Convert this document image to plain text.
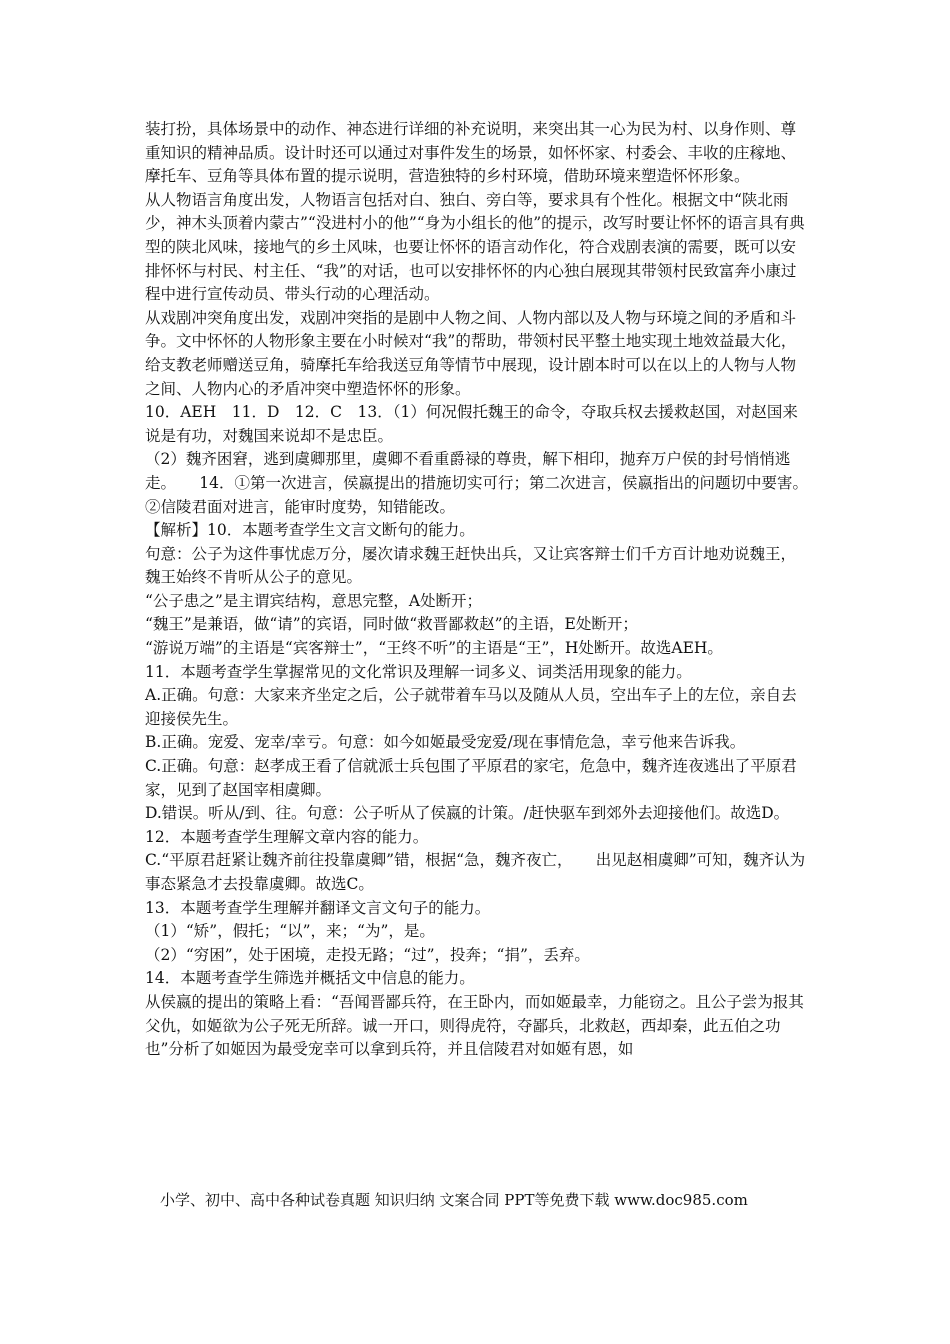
装打扮，具体场景中的动作、神态进行详细的补充说明，来突出其一心为民为村、以身作则、尊重知识的精神品质。设计时还可以通过对事件发生的场景，如怀怀家、村委会、丰收的庄稼地、摩托车、豆角等具体布置的提示说明，营造独特的乡村环境，借助环境来塑造怀怀形象。

从人物语言角度出发，人物语言包括对白、独白、旁白等，要求具有个性化。根据文中“陕北雨少，神木头顶着内蒙古”“没进村小的他”“身为小组长的他”的提示，改写时要让怀怀的语言具有典型的陕北风味，接地气的乡土风味，也要让怀怀的语言动作化，符合戏剧表演的需要，既可以安排怀怀与村民、村主任、“我”的对话，也可以安排怀怀的内心独白展现其带领村民致富奔小康过程中进行宣传动员、带头行动的心理活动。

从戏剧冲突角度出发，戏剧冲突指的是剧中人物之间、人物内部以及人物与环境之间的矛盾和斗争。文中怀怀的人物形象主要在小时候对“我”的帮助，带领村民平整土地实现土地效益最大化，给支教老师赠送豆角，骑摩托车给我送豆角等情节中展现，设计剧本时可以在以上的人物与人物之间、人物内心的矛盾冲突中塑造怀怀的形象。

10．AEH　11．D　12．C　13．（1）何况假托魏王的命令，夺取兵权去援救赵国，对赵国来说是有功，对魏国来说却不是忠臣。

（2）魏齐困窘，逃到虞卿那里，虞卿不看重爵禄的尊贵，解下相印，抛弃万户侯的封号悄悄逃走。　　14．①第一次进言，侯嬴提出的措施切实可行；第二次进言，侯嬴指出的问题切中要害。②信陵君面对进言，能审时度势，知错能改。

【解析】10．本题考查学生文言文断句的能力。

句意：公子为这件事忧虑万分，屡次请求魏王赶快出兵，又让宾客辩士们千方百计地劝说魏王，魏王始终不肯听从公子的意见。

“公子患之”是主谓宾结构，意思完整，A处断开；

“魏王”是兼语，做“请”的宾语，同时做“救晋鄙救赵”的主语，E处断开；

“游说万端”的主语是“宾客辩士”，“王终不听”的主语是“王”，H处断开。故选AEH。

11．本题考查学生掌握常见的文化常识及理解一词多义、词类活用现象的能力。

A.正确。句意：大家来齐坐定之后，公子就带着车马以及随从人员，空出车子上的左位，亲自去迎接侯先生。

B.正确。宠爱、宠幸/幸亏。句意：如今如姬最受宠爱/现在事情危急，幸亏他来告诉我。

C.正确。句意：赵孝成王看了信就派士兵包围了平原君的家宅，危急中，魏齐连夜逃出了平原君家，见到了赵国宰相虞卿。

D.错误。听从/到、往。句意：公子听从了侯嬴的计策。/赶快驱车到郊外去迎接他们。故选D。

12．本题考查学生理解文章内容的能力。

C.“平原君赶紧让魏齐前往投靠虞卿”错，根据“急，魏齐夜亡，　　出见赵相虞卿”可知，魏齐认为事态紧急才去投靠虞卿。故选C。

13．本题考查学生理解并翻译文言文句子的能力。

（1）“矫”，假托；“以”，来；“为”，是。

（2）“穷困”，处于困境，走投无路；“过”，投奔；“捐”，丢弃。

14．本题考查学生筛选并概括文中信息的能力。

从侯嬴的提出的策略上看：“吾闻晋鄙兵符，在王卧内，而如姬最幸，力能窃之。且公子尝为报其父仇，如姬欲为公子死无所辞。诚一开口，则得虎符，夺鄙兵，北救赵，西却秦，此五伯之功也”分析了如姬因为最受宠幸可以拿到兵符，并且信陵君对如姬有恩，如

小学、初中、高中各种试卷真题 知识归纳 文案合同 PPT等免费下载 www.doc985.com
